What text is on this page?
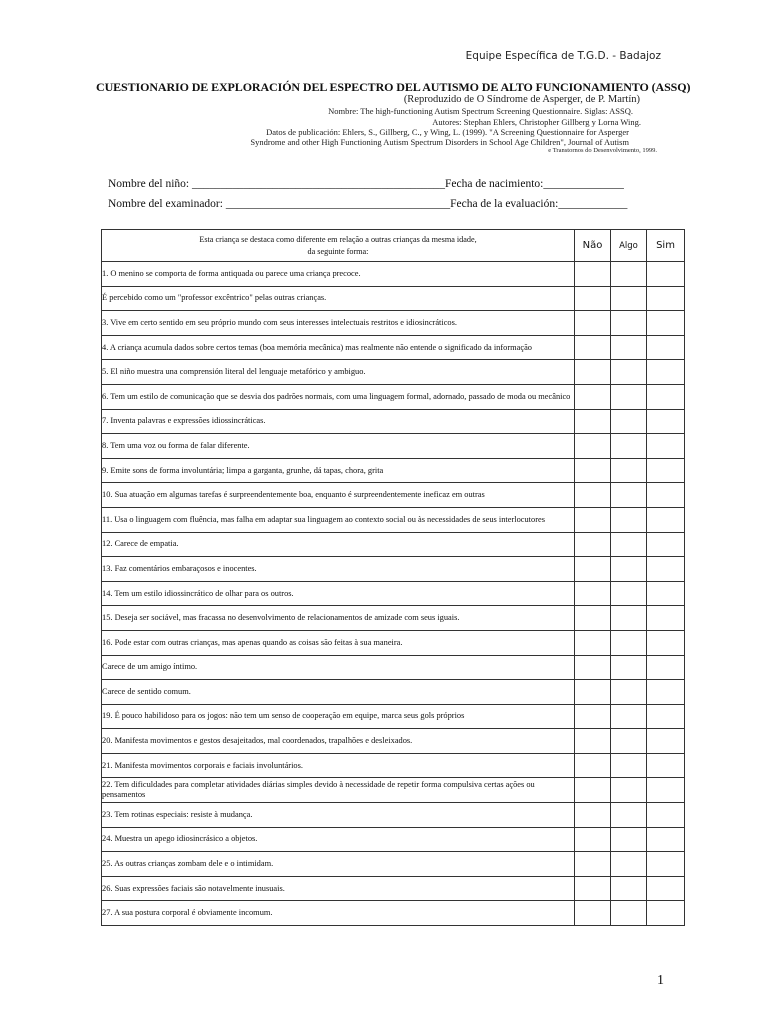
Equipe Específica de T.G.D. - Badajoz
CUESTIONARIO DE EXPLORACIÓN DEL ESPECTRO DEL AUTISMO DE ALTO FUNCIONAMIENTO (ASSQ)
(Reproduzido de O Síndrome de Asperger, de P. Martín)
Nombre: The high-functioning Autism Spectrum Screening Questionnaire. Siglas: ASSQ.
Autores: Stephan Ehlers, Christopher Gillberg y Lorna Wing.
Datos de publicación: Ehlers, S., Gillberg, C., y Wing, L. (1999). "A Screening Questionnaire for Asperger
Syndrome and other High Functioning Autism Spectrum Disorders in School Age Children", Journal of Autism
e Transtornos do Desenvolvimento, 1999.
Nombre del niño: ____________________________________________Fecha de nacimiento:______________
Nombre del examinador: _______________________________________Fecha de la evaluación:____________
Esta criança se destaca como diferente em relação a outras crianças da mesma idade,
da seguinte forma:	Não	Algo	Sim
1. O menino se comporta de forma antiquada ou parece uma criança precoce.			
É percebido como um "professor excêntrico" pelas outras crianças.			
3. Vive em certo sentido em seu próprio mundo com seus interesses intelectuais restritos e idiosincráticos.			
4. A criança acumula dados sobre certos temas (boa memória mecânica) mas realmente não entende o significado da informação			
5. El niño muestra una comprensión literal del lenguaje metafórico y ambiguo.			
6. Tem um estilo de comunicação que se desvia dos padrões normais, com uma linguagem formal, adornado, passado de moda ou mecânico			
7. Inventa palavras e expressões idiossincráticas.			
8. Tem uma voz ou forma de falar diferente.			
9. Emite sons de forma involuntária; limpa a garganta, grunhe, dá tapas, chora, grita			
10. Sua atuação em algumas tarefas é surpreendentemente boa, enquanto é surpreendentemente ineficaz em outras			
11. Usa o linguagem com fluência, mas falha em adaptar sua linguagem ao contexto social ou às necessidades de seus interlocutores			
12. Carece de empatia.			
13. Faz comentários embaraçosos e inocentes.			
14. Tem um estilo idiossincrático de olhar para os outros.			
15. Deseja ser sociável, mas fracassa no desenvolvimento de relacionamentos de amizade com seus iguais.			
16. Pode estar com outras crianças, mas apenas quando as coisas são feitas à sua maneira.			
Carece de um amigo íntimo.			
Carece de sentido comum.			
19. É pouco habilidoso para os jogos: não tem um senso de cooperação em equipe, marca seus gols próprios			
20. Manifesta movimentos e gestos desajeitados, mal coordenados, trapalhões e desleixados.			
21. Manifesta movimentos corporais e faciais involuntários.			
22. Tem dificuldades para completar atividades diárias simples devido à necessidade de repetir forma compulsiva certas ações ou pensamentos			
23. Tem rotinas especiais: resiste à mudança.			
24. Muestra un apego idiosincrásico a objetos.			
25. As outras crianças zombam dele e o intimidam.			
26. Suas expressões faciais são notavelmente inusuais.			
27. A sua postura corporal é obviamente incomum.			
1
